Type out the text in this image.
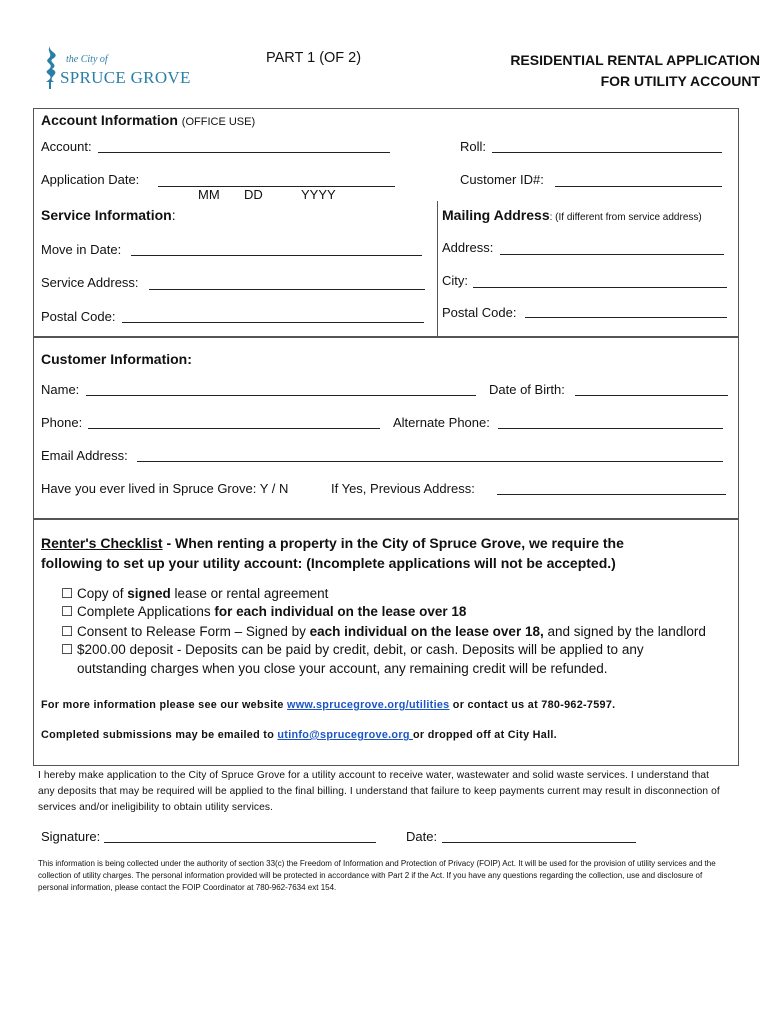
the City of
SPRUCE GROVE
PART 1 (OF 2)	RESIDENTIAL RENTAL APPLICATION
FOR UTILITY ACCOUNT
Account Information (OFFICE USE)
Account:	Roll:
Application Date:	Customer ID#:
MM DD	YYYY
Service Information:	Mailing Address: (If different from service address)
Move in Date:	Address:
Service Address:	City:
Postal Code:	Postal Code:
Customer Information:
Name:	Date of Birth:
Phone:	Alternate Phone:
Email Address:
Have you ever lived in Spruce Grove: Y / N	If Yes, Previous Address:
Renter's Checklist - When renting a property in the City of Spruce Grove, we require the
following to set up your utility account: (Incomplete applications will not be accepted.)
☐ Copy of signed lease or rental agreement
☐ Complete Applications for each individual on the lease over 18
☐ Consent to Release Form – Signed by each individual on the lease over 18, and signed by the landlord
☐ $200.00 deposit - Deposits can be paid by credit, debit, or cash. Deposits will be applied to any
outstanding charges when you close your account, any remaining credit will be refunded.
For more information please see our website www.sprucegrove.org/utilities or contact us at 780-962-7597.
Completed submissions may be emailed to utinfo@sprucegrove.org or dropped off at City Hall.
I hereby make application to the City of Spruce Grove for a utility account to receive water, wastewater and solid waste services. I understand that any deposits that may be required will be applied to the final billing. I understand that failure to keep payments current may result in disconnection of services and/or ineligibility to obtain utility services.
Signature:	Date:
This information is being collected under the authority of section 33(c) the Freedom of Information and Protection of Privacy (FOIP) Act. It will be used for the provision of utility services and the collection of utility charges. The personal information provided will be protected in accordance with Part 2 if the Act. If you have any questions regarding the collection, use and disclosure of personal information, please contact the FOIP Coordinator at 780-962-7634 ext 154.
